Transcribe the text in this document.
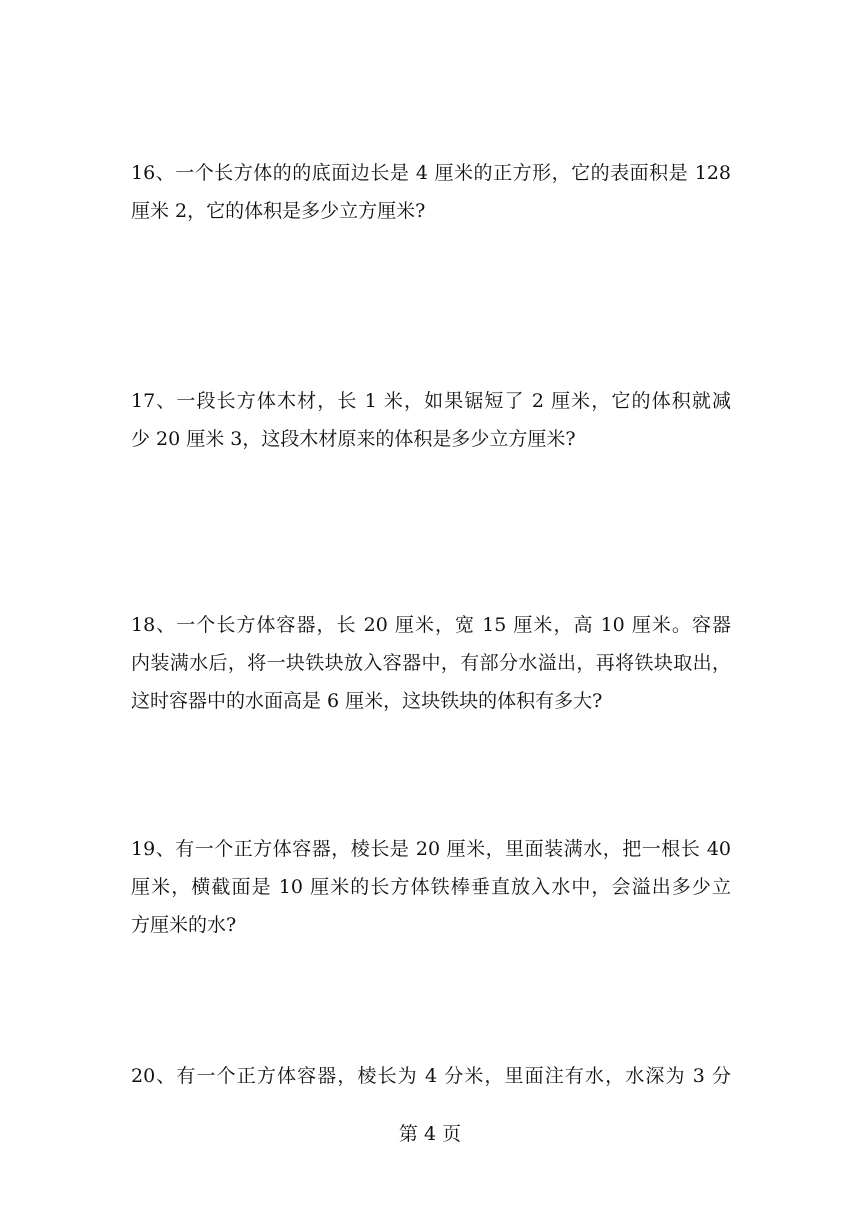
16、一个长方体的的底面边长是 4 厘米的正方形，它的表面积是 128
厘米 2，它的体积是多少立方厘米?
17、一段长方体木材，长 1 米，如果锯短了 2 厘米，它的体积就减
少 20 厘米 3，这段木材原来的体积是多少立方厘米?
18、一个长方体容器，长 20 厘米，宽 15 厘米，高 10 厘米。容器
内装满水后，将一块铁块放入容器中，有部分水溢出，再将铁块取出，
这时容器中的水面高是 6 厘米，这块铁块的体积有多大?
19、有一个正方体容器，棱长是 20 厘米，里面装满水，把一根长 40
厘米，横截面是 10 厘米的长方体铁棒垂直放入水中，会溢出多少立
方厘米的水?
20、有一个正方体容器，棱长为 4 分米，里面注有水，水深为 3 分
第 4 页
